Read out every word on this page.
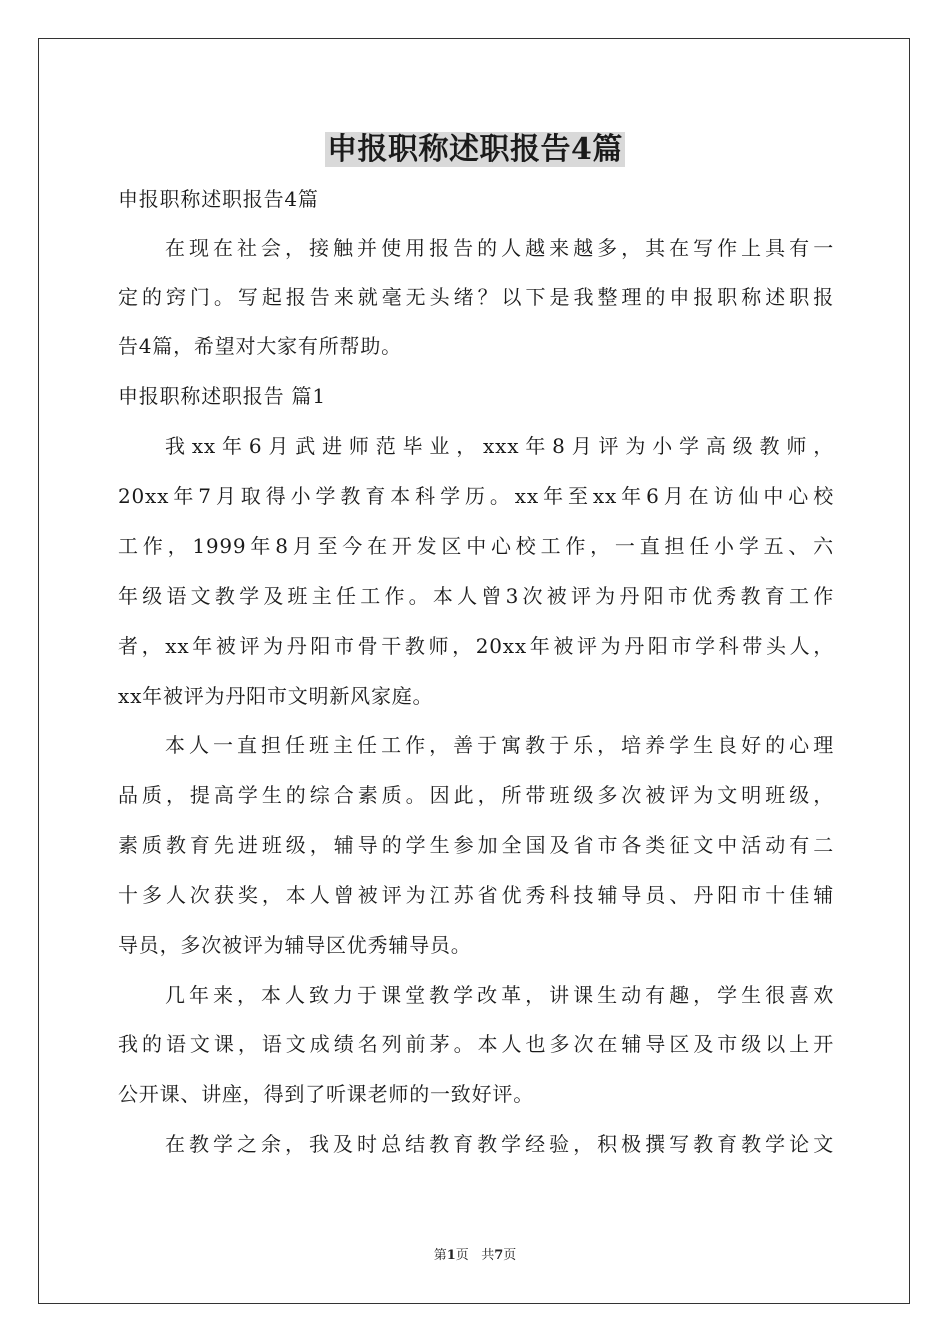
申报职称述职报告4篇
申报职称述职报告4篇
在现在社会，接触并使用报告的人越来越多，其在写作上具有一
定的窍门。写起报告来就毫无头绪？以下是我整理的申报职称述职报
告4篇，希望对大家有所帮助。
申报职称述职报告 篇1
我xx年6月武进师范毕业，xxx年8月评为小学高级教师，
20xx年7月取得小学教育本科学历。xx年至xx年6月在访仙中心校
工作，1999年8月至今在开发区中心校工作，一直担任小学五、六
年级语文教学及班主任工作。本人曾3次被评为丹阳市优秀教育工作
者，xx年被评为丹阳市骨干教师，20xx年被评为丹阳市学科带头人，
xx年被评为丹阳市文明新风家庭。
本人一直担任班主任工作，善于寓教于乐，培养学生良好的心理
品质，提高学生的综合素质。因此，所带班级多次被评为文明班级，
素质教育先进班级，辅导的学生参加全国及省市各类征文中活动有二
十多人次获奖，本人曾被评为江苏省优秀科技辅导员、丹阳市十佳辅
导员，多次被评为辅导区优秀辅导员。
几年来，本人致力于课堂教学改革，讲课生动有趣，学生很喜欢
我的语文课，语文成绩名列前茅。本人也多次在辅导区及市级以上开
公开课、讲座，得到了听课老师的一致好评。
在教学之余，我及时总结教育教学经验，积极撰写教育教学论文
第1页 共7页
